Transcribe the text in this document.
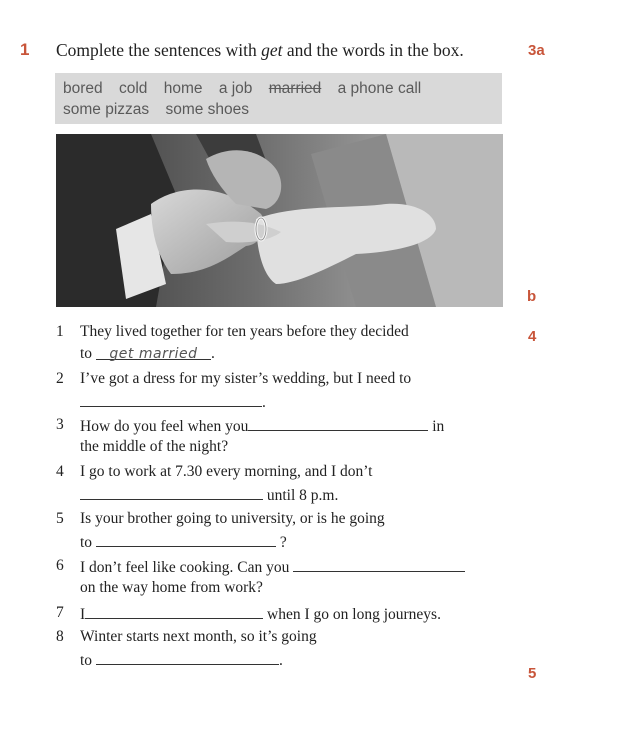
1 Complete the sentences with get and the words in the box.	3a
b
4
5
bored cold home a job married a phone call
some pizzas some shoes
1	They lived together for ten years before they decided
to get married .
2	I’ve got a dress for my sister’s wedding, but I need to
.
3	How do you feel when you	in
the middle of the night?
4	I go to work at 7.30 every morning, and I don’t
until 8 p.m.
5	Is your brother going to university, or is he going
to	?
6	I don’t feel like cooking. Can you
on the way home from work?
7	I	when I go on long journeys.
8	Winter starts next month, so it’s going
to	.
